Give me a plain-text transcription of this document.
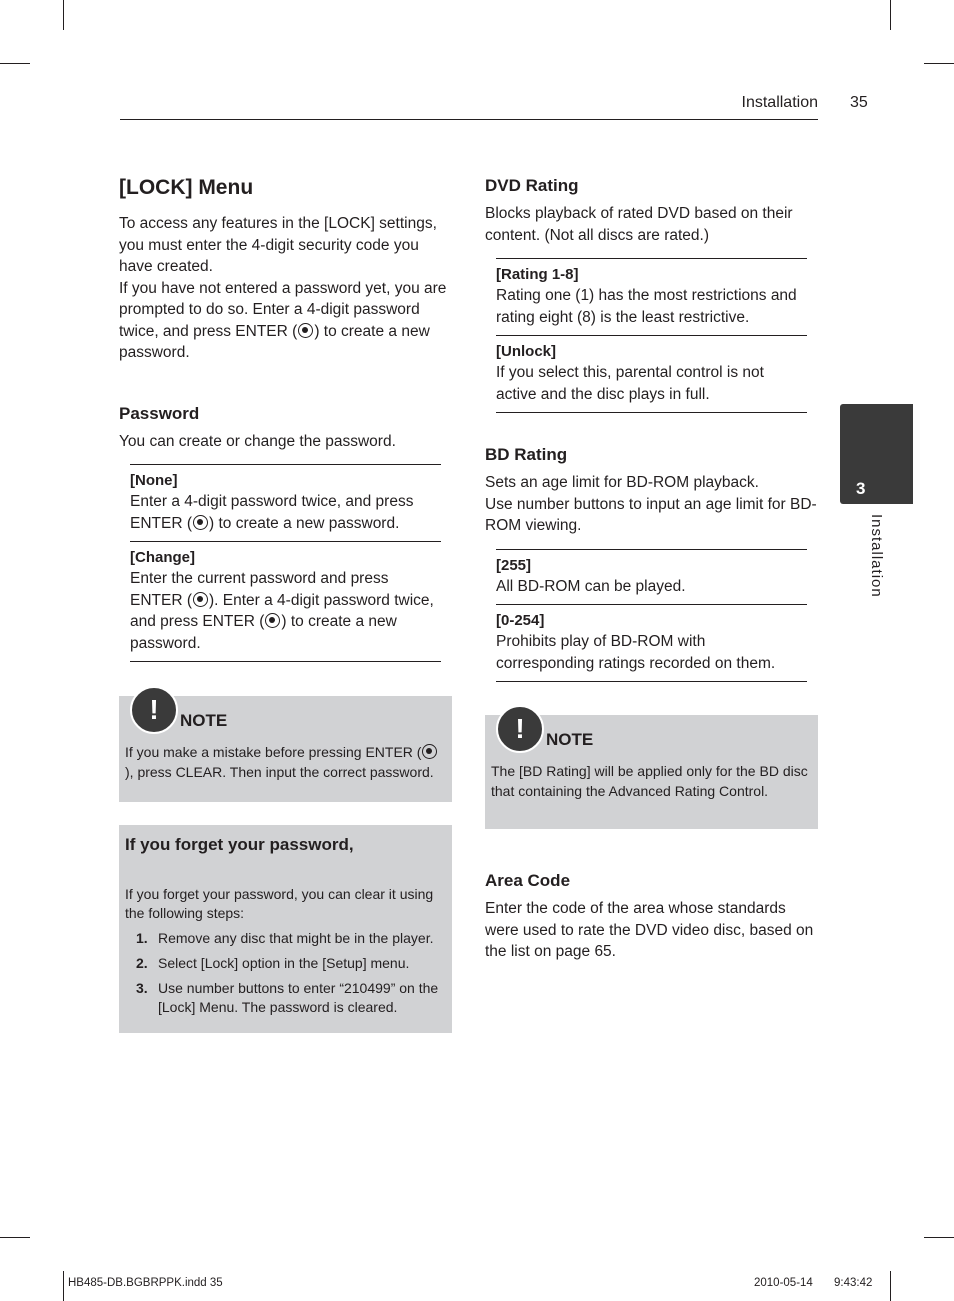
Installation 35
3
Installation
[LOCK] Menu

To access any features in the [LOCK] settings, you must enter the 4-digit security code you have created.
If you have not entered a password yet, you are prompted to do so. Enter a 4-digit password twice, and press ENTER ( ) to create a new password.

Password

You can create or change the password.

[None]
Enter a 4-digit password twice, and press ENTER ( ) to create a new password.
[Change]
Enter the current password and press ENTER ( ). Enter a 4-digit password twice, and press ENTER ( ) to create a new password.
!	NOTE
If you make a mistake before pressing ENTER (), press CLEAR. Then input the correct password.
If you forget your password,
If you forget your password, you can clear it using the following steps:
1. Remove any disc that might be in the player.
2. Select [Lock] option in the [Setup] menu.
3. Use number buttons to enter “210499” on the [Lock] Menu. The password is cleared.
DVD Rating

Blocks playback of rated DVD based on their content. (Not all discs are rated.)

[Rating 1-8]
Rating one (1) has the most restrictions and rating eight (8) is the least restrictive.
[Unlock]
If you select this, parental control is not active and the disc plays in full.
BD Rating

Sets an age limit for BD-ROM playback.
Use number buttons to input an age limit for BD-ROM viewing.

[255]
All BD-ROM can be played.
[0-254]
Prohibits play of BD-ROM with corresponding ratings recorded on them.
!	NOTE
The [BD Rating] will be applied only for the BD disc that containing the Advanced Rating Control.
Area Code

Enter the code of the area whose standards were used to rate the DVD video disc, based on the list on page 65.

HB485-DB.BGBRPPK.indd 35	2010-05-14 9:43:42
